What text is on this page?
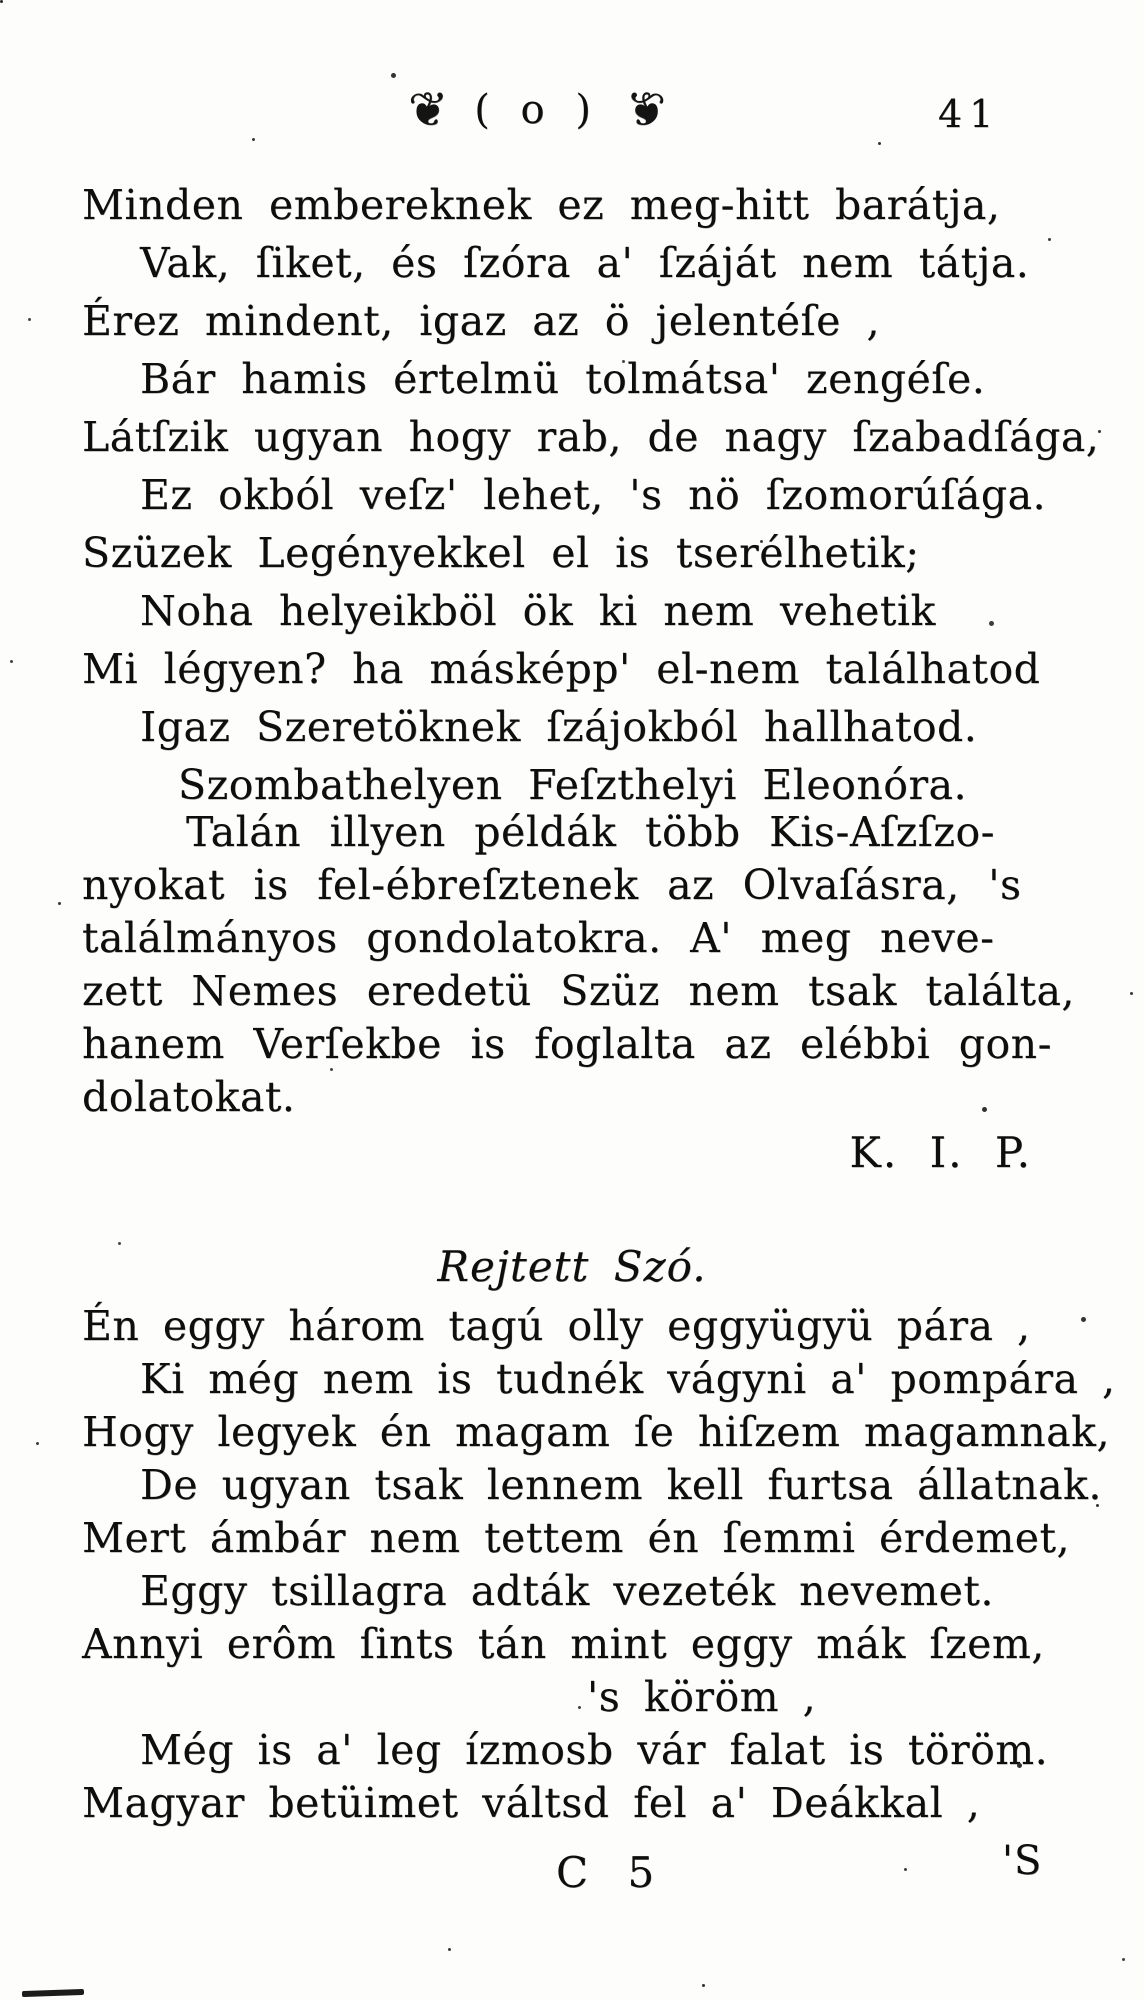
❦ ( o ) ❦	41
Minden embereknek ez meg-hitt barátja,
Vak, ſiket, és ſzóra a' ſzáját nem tátja.
Érez mindent, igaz az ö jelentéſe ,
Bár hamis értelmü tolmátsa' zengéſe.
Látſzik ugyan hogy rab, de nagy ſzabadſága,
Ez okból veſz' lehet, 's nö ſzomorúſága.
Szüzek Legényekkel el is tserélhetik;
Noha helyeikböl ök ki nem vehetik
Mi légyen? ha másképp' el-nem találhatod
Igaz Szeretöknek ſzájokból hallhatod.
Szombathelyen Feſzthelyi Eleonóra.
Talán illyen példák több Kis-Aſzſzo-
nyokat is fel-ébreſztenek az Olvaſásra, 's
találmányos gondolatokra. A' meg neve-
zett Nemes eredetü Szüz nem tsak találta,
hanem Verſekbe is foglalta az elébbi gon-
dolatokat.
K. I. P.
Rejtett Szó.
Én eggy három tagú olly eggyügyü pára ,
Ki még nem is tudnék vágyni a' pompára ,
Hogy legyek én magam ſe hiſzem magamnak,
De ugyan tsak lennem kell furtsa állatnak.
Mert ámbár nem tettem én ſemmi érdemet,
Eggy tsillagra adták vezeték nevemet.
Annyi erôm ſints tán mint eggy mák ſzem,
's köröm ,
Még is a' leg ízmosb vár falat is töröm.
Magyar betüimet váltsd fel a' Deákkal ,
C 5	'S
